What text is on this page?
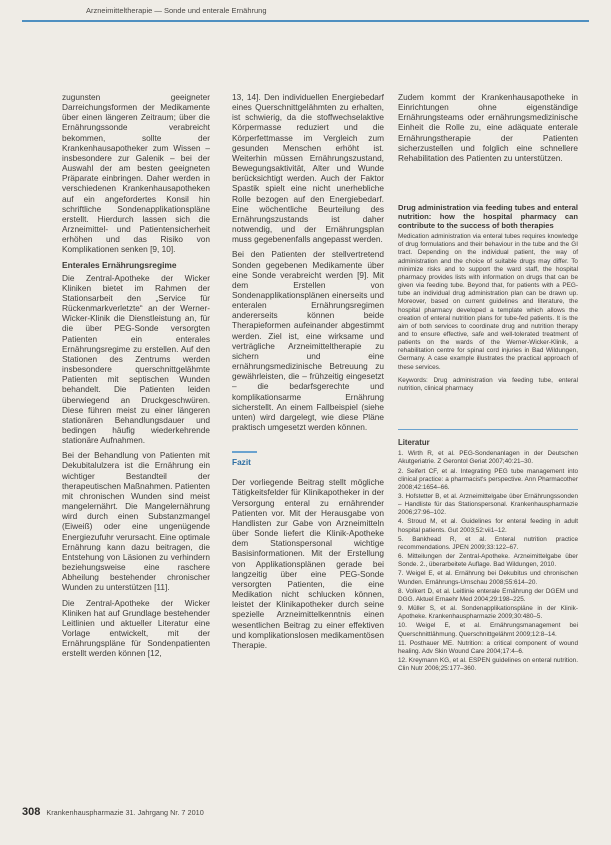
Arzneimitteltherapie — Sonde und enterale Ernährung

zugunsten geeigneter Darreichungsformen der Medikamente über einen längeren Zeitraum; über die Ernährungssonde verabreicht bekommen, sollte der Krankenhausapotheker zum Wissen – insbesondere zur Galenik – bei der Auswahl der am besten geeigneten Präparate einbringen. Daher werden in verschiedenen Krankenhausapotheken auf ein angefordertes Konsil hin schriftliche Sondenapplikationspläne erstellt. Hierdurch lassen sich die Arzneimittel- und Patientensicherheit erhöhen und das Risiko von Komplikationen senken [9, 10].

Enterales Ernährungsregime

Die Zentral-Apotheke der Wicker Kliniken bietet im Rahmen der Stationsarbeit den „Service für Rückenmarkverletzte“ an der Werner-Wicker-Klinik die Dienstleistung an, für die über PEG-Sonde versorgten Patienten ein enterales Ernährungsregime zu erstellen. Auf den Stationen des Zentrums werden insbesondere querschnittgelähmte Patienten mit septischen Wunden behandelt. Die Patienten leiden überwiegend an Druckgeschwüren. Diese führen meist zu einer längeren stationären Behandlungsdauer und bedingen häufig wiederkehrende stationäre Aufnahmen.

Bei der Behandlung von Patienten mit Dekubitalulzera ist die Ernährung ein wichtiger Bestandteil der therapeutischen Maßnahmen. Patienten mit chronischen Wunden sind meist mangelernährt. Die Mangelernährung wird durch einen Substanzmangel (Eiweiß) oder eine ungenügende Energiezufuhr verursacht. Eine optimale Ernährung kann dazu beitragen, die Entstehung von Läsionen zu verhindern beziehungsweise eine raschere Abheilung bestehender chronischer Wunden zu unterstützen [11].

Die Zentral-Apotheke der Wicker Kliniken hat auf Grundlage bestehender Leitlinien und aktueller Literatur eine Vorlage entwickelt, mit der Ernährungspläne für Sondenpatienten erstellt werden können [12,

13, 14]. Den individuellen Energiebedarf eines Querschnittgelähmten zu erhalten, ist schwierig, da die stoffwechselaktive Körpermasse reduziert und die Körperfettmasse im Vergleich zum gesunden Menschen erhöht ist. Weiterhin müssen Ernährungszustand, Bewegungsaktivität, Alter und Wunde berücksichtigt werden. Auch der Faktor Spastik spielt eine nicht unerhebliche Rolle bezogen auf den Energiebedarf. Eine wöchentliche Beurteilung des Ernährungszustands ist daher notwendig, und der Ernährungsplan muss gegebenenfalls angepasst werden.

Bei den Patienten der stellvertretend Sonden gegebenen Medikamente über eine Sonde verabreicht werden [9]. Mit dem Erstellen von Sondenapplikationsplänen einerseits und enteralen Ernährungsregimen andererseits können beide Therapieformen aufeinander abgestimmt werden. Ziel ist, eine wirksame und verträgliche Arzneimitteltherapie zu sichern und eine ernährungsmedizinische Betreuung zu gewährleisten, die – frühzeitig eingesetzt – die bedarfsgerechte und komplikationsarme Ernährung sicherstellt. An einem Fallbeispiel (siehe unten) wird dargelegt, wie diese Pläne praktisch umgesetzt werden können.

Fazit

Der vorliegende Beitrag stellt mögliche Tätigkeitsfelder für Klinikapotheker in der Versorgung enteral zu ernährender Patienten vor. Mit der Herausgabe von Handlisten zur Gabe von Arzneimitteln über Sonde liefert die Klinik-Apotheke dem Stationspersonal wichtige Basisinformationen. Mit der Erstellung von Applikationsplänen gerade bei langzeitig über eine PEG-Sonde versorgten Patienten, die eine Medikation nicht schlucken können, leistet der Klinikapotheker durch seine spezielle Arzneimittelkenntnis einen wesentlichen Beitrag zu einer effektiven und komplikationslosen medikamentösen Therapie.

Zudem kommt der Krankenhausapotheke in Einrichtungen ohne eigenständige Ernährungsteams oder ernährungsmedizinische Einheit die Rolle zu, eine adäquate enterale Ernährungstherapie der Patienten sicherzustellen und folglich eine schnellere Rehabilitation des Patienten zu unterstützen.

Drug administration via feeding tubes and enteral nutrition: how the hospital pharmacy can contribute to the success of both therapies

Medication administration via enteral tubes requires knowledge of drug formulations and their behaviour in the tube and the GI tract. Depending on the individual patient, the way of administration and the choice of suitable drugs may differ. To minimize risks and to support the ward staff, the hospital pharmacy provides lists with information on drugs that can be given via feeding tube. Beyond that, for patients with a PEG-tube an individual drug administration plan can be drawn up. Moreover, based on current guidelines and literature, the hospital pharmacy developed a template which allows the creation of enteral nutrition plans for tube-fed patients. It is the aim of both services to coordinate drug and nutrition therapy and to ensure effective, safe and well-tolerated treatment of patients on the wards of the Werner-Wicker-Klinik, a rehabilitation centre for spinal cord injuries in Bad Wildungen, Germany. A case example illustrates the practical approach of these services.

Keywords: Drug administration via feeding tube, enteral nutrition, clinical pharmacy

Literatur
1. Wirth R, et al. PEG-Sondenanlagen in der Deutschen Akutgeriatrie. Z Gerontol Geriat 2007;40:21–30.
2. Seifert CF, et al. Integrating PEG tube management into clinical practice: a pharmacist's perspective. Ann Pharmacother 2008;42:1654–66.
3. Hofstetter B, et al. Arzneimittelgabe über Ernährungssonden – Handliste für das Stationspersonal. Krankenhauspharmazie 2006;27:96–102.
4. Stroud M, et al. Guidelines for enteral feeding in adult hospital patients. Gut 2003;52:vii1–12.
5. Bankhead R, et al. Enteral nutrition practice recommendations. JPEN 2009;33:122–67.
6. Mitteilungen der Zentral-Apotheke. Arzneimittelgabe über Sonde. 2., überarbeitete Auflage. Bad Wildungen, 2010.
7. Weigel E, et al. Ernährung bei Dekubitus und chronischen Wunden. Ernährungs-Umschau 2008;55:614–20.
8. Volkert D, et al. Leitlinie enterale Ernährung der DGEM und DGG. Aktuel Ernaehr Med 2004;29:198–225.
9. Müller S, et al. Sondenapplikationspläne in der Klinik-Apotheke. Krankenhauspharmazie 2009;30:480–5.
10. Weigel E, et al. Ernährungsmanagement bei Querschnittlähmung. Querschnittgelähmt 2009;12:8–14.
11. Posthauer ME. Nutrition: a critical component of wound healing. Adv Skin Wound Care 2004;17:4–6.
12. Kreymann KG, et al. ESPEN guidelines on enteral nutrition. Clin Nutr 2006;25:177–360.
308 Krankenhauspharmazie 31. Jahrgang Nr. 7 2010
